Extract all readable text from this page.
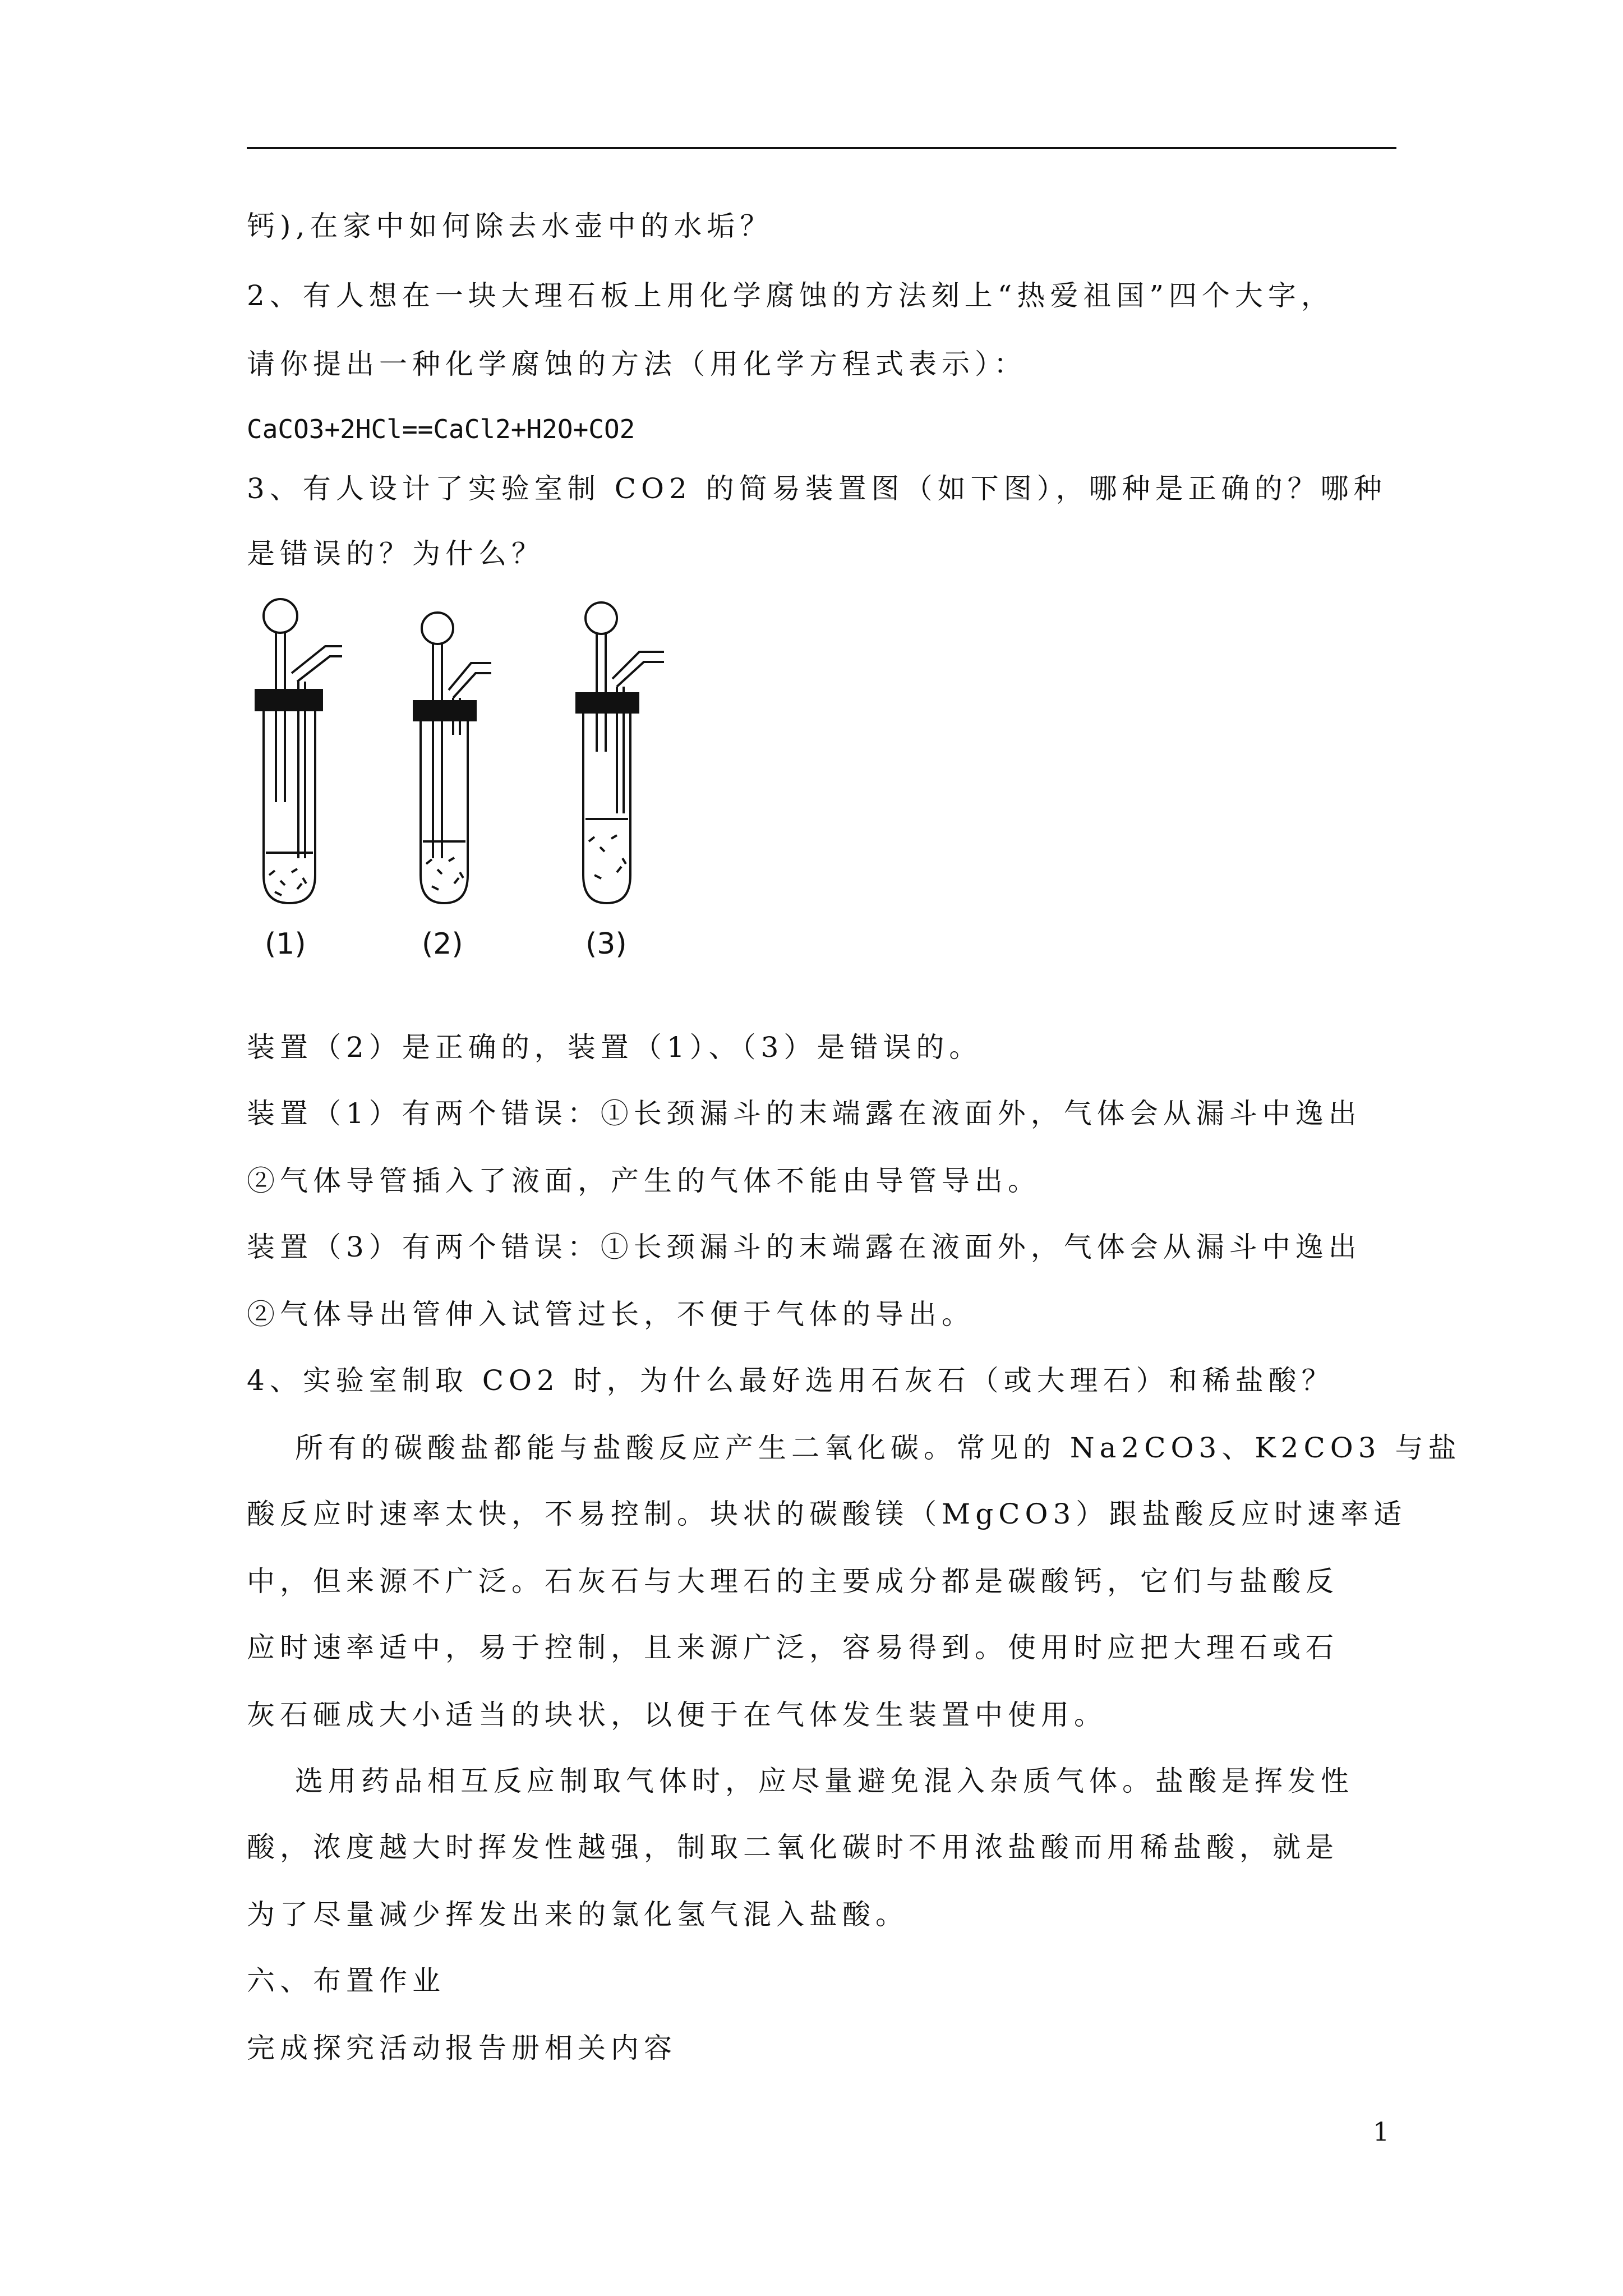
钙),在家中如何除去水壶中的水垢？
2、有人想在一块大理石板上用化学腐蚀的方法刻上“热爱祖国”四个大字，
请你提出一种化学腐蚀的方法（用化学方程式表示）：
CaCO3+2HCl==CaCl2+H2O+CO2
3、有人设计了实验室制 CO2 的简易装置图（如下图），哪种是正确的？哪种
是错误的？为什么？
(1)	(2)	(3)
装置（2）是正确的，装置（1）、（3）是错误的。
装置（1）有两个错误：①长颈漏斗的末端露在液面外，气体会从漏斗中逸出
②气体导管插入了液面，产生的气体不能由导管导出。
装置（3）有两个错误：①长颈漏斗的末端露在液面外，气体会从漏斗中逸出
②气体导出管伸入试管过长，不便于气体的导出。
4、实验室制取 CO2 时，为什么最好选用石灰石（或大理石）和稀盐酸？
所有的碳酸盐都能与盐酸反应产生二氧化碳。常见的 Na2CO3、K2CO3 与盐
酸反应时速率太快，不易控制。块状的碳酸镁（MgCO3）跟盐酸反应时速率适
中，但来源不广泛。石灰石与大理石的主要成分都是碳酸钙，它们与盐酸反
应时速率适中，易于控制，且来源广泛，容易得到。使用时应把大理石或石
灰石砸成大小适当的块状，以便于在气体发生装置中使用。
选用药品相互反应制取气体时，应尽量避免混入杂质气体。盐酸是挥发性
酸，浓度越大时挥发性越强，制取二氧化碳时不用浓盐酸而用稀盐酸，就是
为了尽量减少挥发出来的氯化氢气混入盐酸。
六、布置作业
完成探究活动报告册相关内容
1
